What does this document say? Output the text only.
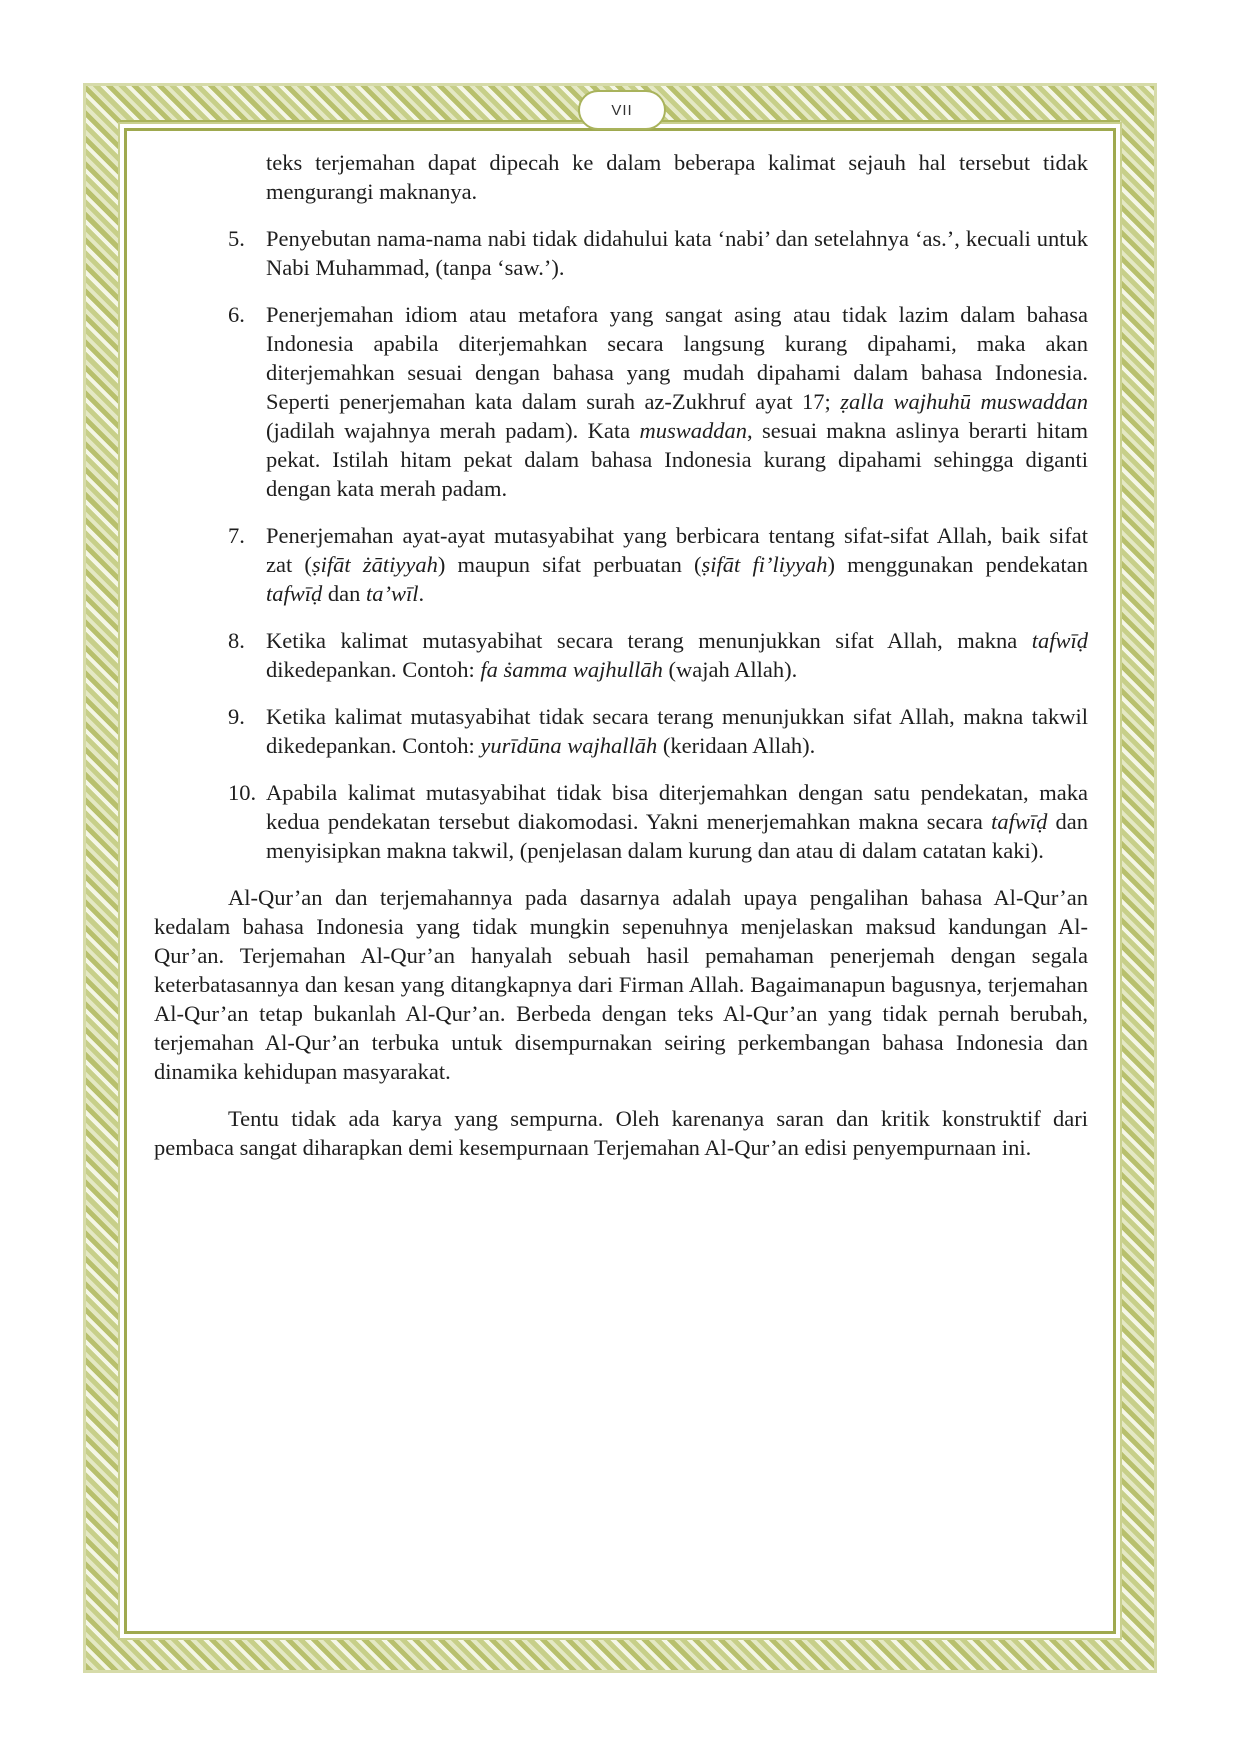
VII

teks terjemahan dapat dipecah ke dalam beberapa kalimat sejauh hal tersebut tidak mengurangi maknanya.

5. Penyebutan nama-nama nabi tidak didahului kata ‘nabi’ dan setelahnya ‘as.’, kecuali untuk Nabi Muhammad, (tanpa ‘saw.’).
6. Penerjemahan idiom atau metafora yang sangat asing atau tidak lazim dalam bahasa Indonesia apabila diterjemahkan secara langsung kurang dipahami, maka akan diterjemahkan sesuai dengan bahasa yang mudah dipahami dalam bahasa Indonesia. Seperti penerjemahan kata dalam surah az-Zukhruf ayat 17; ẓalla wajhuhū muswaddan (jadilah wajahnya merah padam). Kata muswaddan, sesuai makna aslinya berarti hitam pekat. Istilah hitam pekat dalam bahasa Indonesia kurang dipahami sehingga diganti dengan kata merah padam.
7. Penerjemahan ayat-ayat mutasyabihat yang berbicara tentang sifat-sifat Allah, baik sifat zat (ṣifāt żātiyyah) maupun sifat perbuatan (ṣifāt fi’liyyah) menggunakan pendekatan tafwīḍ dan ta’wīl.
8. Ketika kalimat mutasyabihat secara terang menunjukkan sifat Allah, makna tafwīḍ dikedepankan. Contoh: fa ṡamma wajhullāh (wajah Allah).
9. Ketika kalimat mutasyabihat tidak secara terang menunjukkan sifat Allah, makna takwil dikedepankan. Contoh: yurīdūna wajhallāh (keridaan Allah).
10. Apabila kalimat mutasyabihat tidak bisa diterjemahkan dengan satu pendekatan, maka kedua pendekatan tersebut diakomodasi. Yakni menerjemahkan makna secara tafwīḍ dan menyisipkan makna takwil, (penjelasan dalam kurung dan atau di dalam catatan kaki).

Al-Qur’an dan terjemahannya pada dasarnya adalah upaya pengalihan bahasa Al-Qur’an kedalam bahasa Indonesia yang tidak mungkin sepenuhnya menjelaskan maksud kandungan Al-Qur’an. Terjemahan Al-Qur’an hanyalah sebuah hasil pemahaman penerjemah dengan segala keterbatasannya dan kesan yang ditangkapnya dari Firman Allah. Bagaimanapun bagusnya, terjemahan Al-Qur’an tetap bukanlah Al-Qur’an. Berbeda dengan teks Al-Qur’an yang tidak pernah berubah, terjemahan Al-Qur’an terbuka untuk disempurnakan seiring perkembangan bahasa Indonesia dan dinamika kehidupan masyarakat.

Tentu tidak ada karya yang sempurna. Oleh karenanya saran dan kritik konstruktif dari pembaca sangat diharapkan demi kesempurnaan Terjemahan Al-Qur’an edisi penyempurnaan ini.
